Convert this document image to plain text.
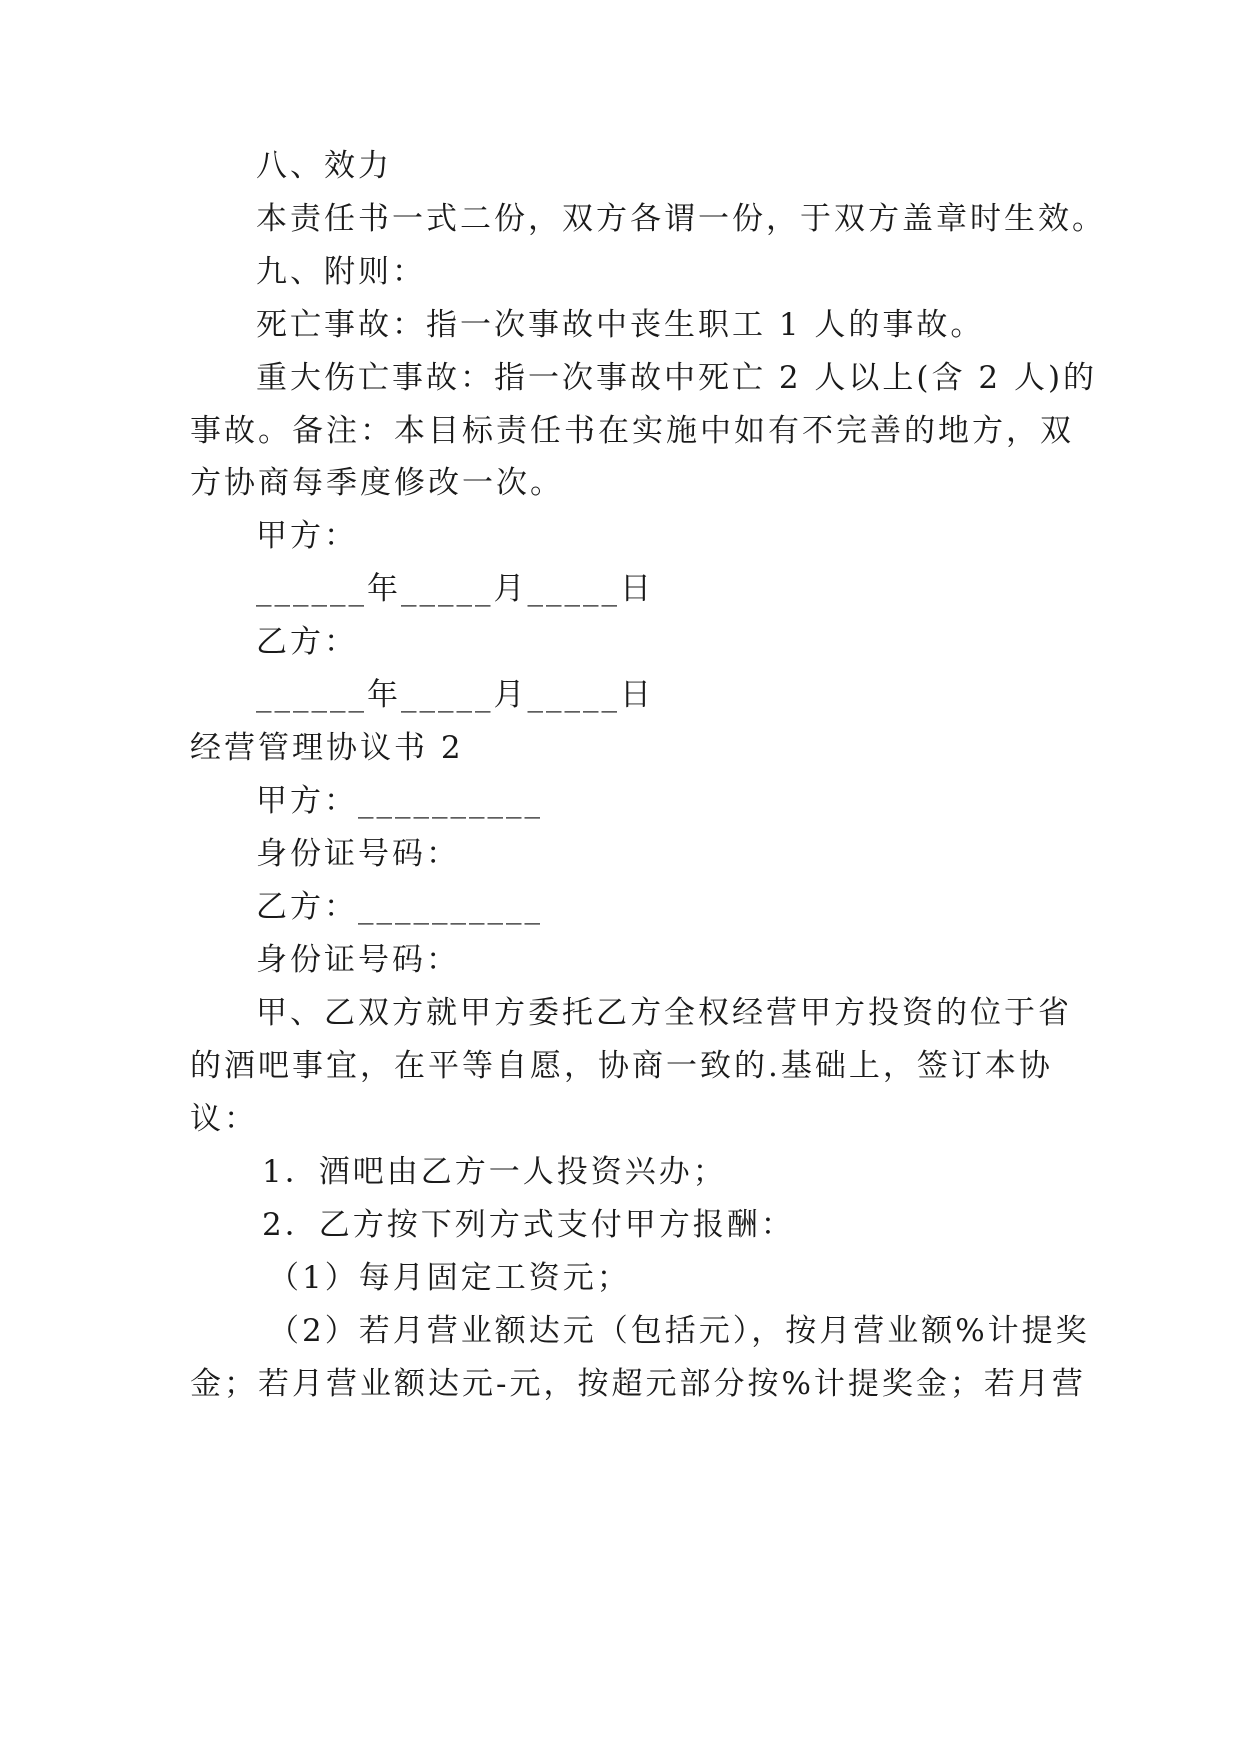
八、效力
本责任书一式二份，双方各谓一份，于双方盖章时生效。
九、附则：
死亡事故：指一次事故中丧生职工 1 人的事故。
重大伤亡事故：指一次事故中死亡 2 人以上(含 2 人)的
事故。备注：本目标责任书在实施中如有不完善的地方，双
方协商每季度修改一次。
甲方：
______年_____月_____日
乙方：
______年_____月_____日
经营管理协议书 2
甲方：__________
身份证号码：
乙方：__________
身份证号码：
甲、乙双方就甲方委托乙方全权经营甲方投资的位于省
的酒吧事宜，在平等自愿，协商一致的.基础上，签订本协
议：
1．酒吧由乙方一人投资兴办；
2．乙方按下列方式支付甲方报酬：
（1）每月固定工资元；
（2）若月营业额达元（包括元），按月营业额%计提奖
金；若月营业额达元-元，按超元部分按%计提奖金；若月营
